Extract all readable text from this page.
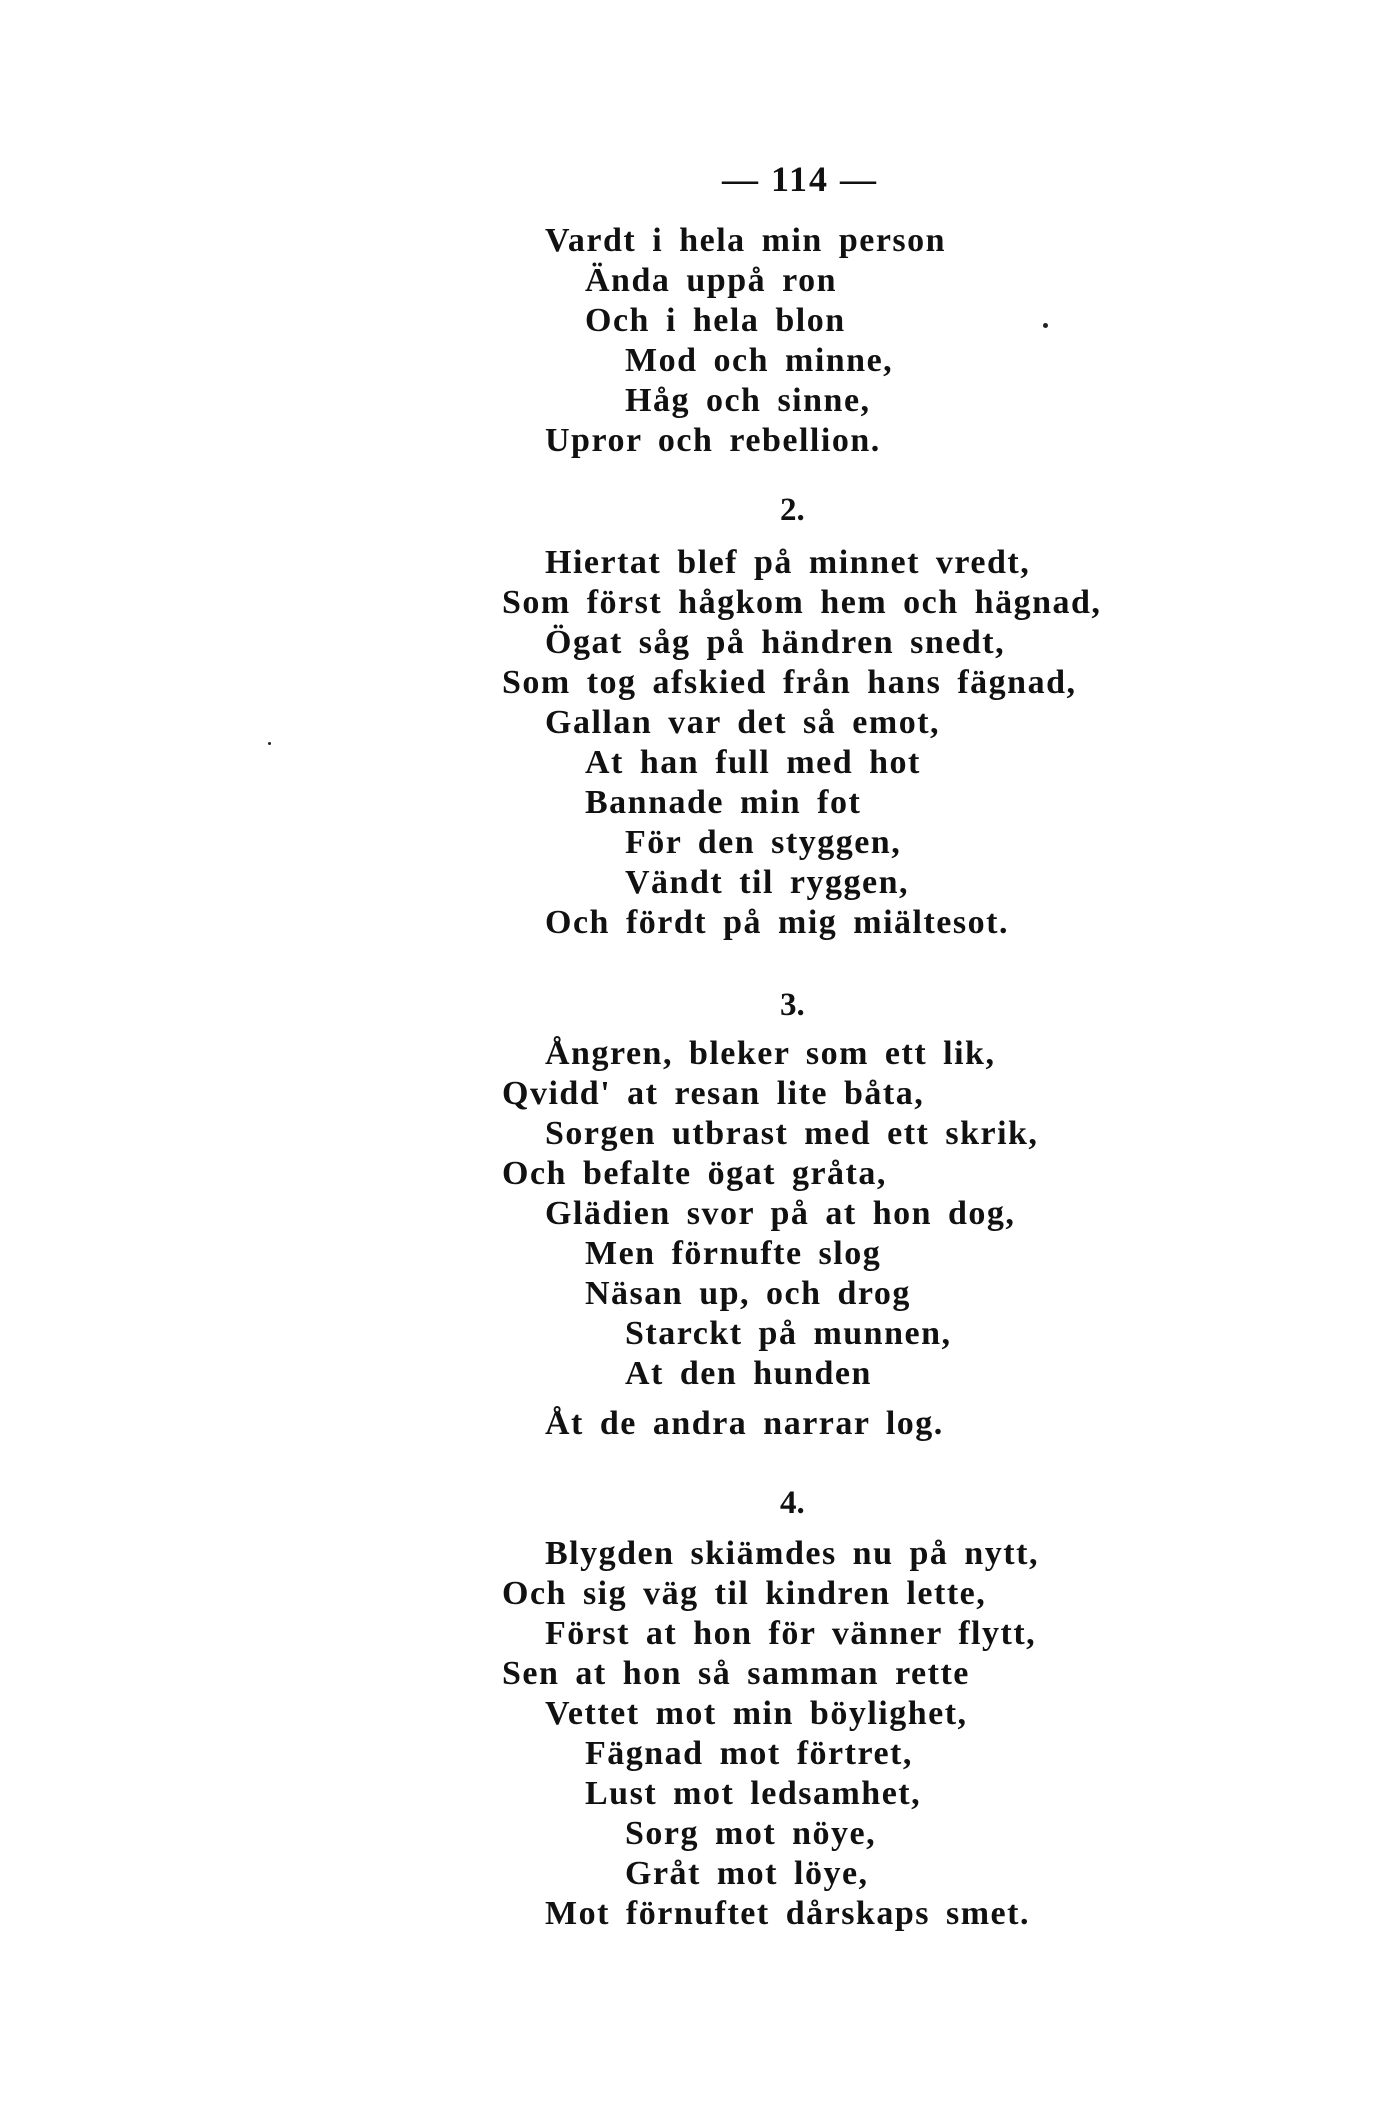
— 114 —

Vardt i hela min person

Ända uppå ron

Och i hela blon

Mod och minne,

Håg och sinne,

Upror och rebellion.

2.

Hiertat blef på minnet vredt,

Som först hågkom hem och hägnad,

Ögat såg på händren snedt,

Som tog afskied från hans fägnad,

Gallan var det så emot,

At han full med hot

Bannade min fot

För den styggen,

Vändt til ryggen,

Och fördt på mig miältesot.

3.

Ångren, bleker som ett lik,

Qvidd' at resan lite båta,

Sorgen utbrast med ett skrik,

Och befalte ögat gråta,

Glädien svor på at hon dog,

Men förnufte slog

Näsan up, och drog

Starckt på munnen,

At den hunden

Åt de andra narrar log.

4.

Blygden skiämdes nu på nytt,

Och sig väg til kindren lette,

Först at hon för vänner flytt,

Sen at hon så samman rette

Vettet mot min böylighet,

Fägnad mot förtret,

Lust mot ledsamhet,

Sorg mot nöye,

Gråt mot löye,

Mot förnuftet dårskaps smet.
